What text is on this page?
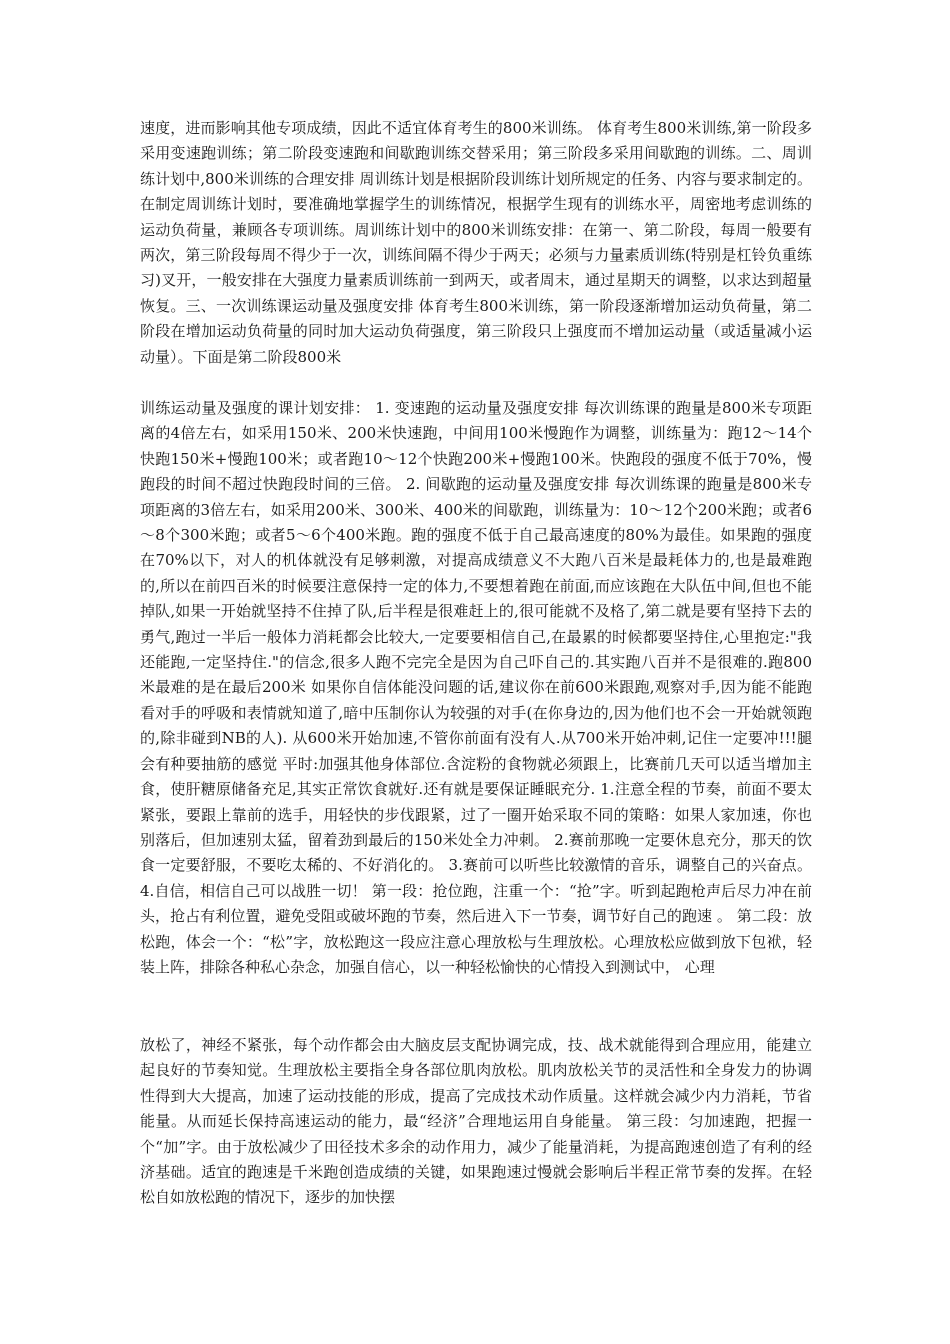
速度，进而影响其他专项成绩，因此不适宜体育考生的800米训练。 体育考生800米训练,第一阶段多采用变速跑训练；第二阶段变速跑和间歇跑训练交替采用；第三阶段多采用间歇跑的训练。二、周训练计划中,800米训练的合理安排 周训练计划是根据阶段训练计划所规定的任务、内容与要求制定的。在制定周训练计划时，要准确地掌握学生的训练情况，根据学生现有的训练水平，周密地考虑训练的运动负荷量，兼顾各专项训练。周训练计划中的800米训练安排：在第一、第二阶段，每周一般要有两次，第三阶段每周不得少于一次，训练间隔不得少于两天；必须与力量素质训练(特别是杠铃负重练习)叉开，一般安排在大强度力量素质训练前一到两天，或者周末，通过星期天的调整，以求达到超量恢复。三、一次训练课运动量及强度安排 体育考生800米训练，第一阶段逐渐增加运动负荷量，第二阶段在增加运动负荷量的同时加大运动负荷强度，第三阶段只上强度而不增加运动量（或适量减小运动量）。下面是第二阶段800米
训练运动量及强度的课计划安排： 1. 变速跑的运动量及强度安排 每次训练课的跑量是800米专项距离的4倍左右，如采用150米、200米快速跑，中间用100米慢跑作为调整，训练量为：跑12～14个快跑150米+慢跑100米；或者跑10～12个快跑200米+慢跑100米。快跑段的强度不低于70%，慢跑段的时间不超过快跑段时间的三倍。 2. 间歇跑的运动量及强度安排 每次训练课的跑量是800米专项距离的3倍左右，如采用200米、300米、400米的间歇跑，训练量为：10～12个200米跑；或者6～8个300米跑；或者5～6个400米跑。跑的强度不低于自己最高速度的80%为最佳。如果跑的强度在70%以下，对人的机体就没有足够刺激，对提高成绩意义不大跑八百米是最耗体力的,也是最难跑的,所以在前四百米的时候要注意保持一定的体力,不要想着跑在前面,而应该跑在大队伍中间,但也不能掉队,如果一开始就坚持不住掉了队,后半程是很难赶上的,很可能就不及格了,第二就是要有坚持下去的勇气,跑过一半后一般体力消耗都会比较大,一定要要相信自己,在最累的时候都要坚持住,心里抱定:"我还能跑,一定坚持住."的信念,很多人跑不完完全是因为自己吓自己的.其实跑八百并不是很难的.跑800米最难的是在最后200米 如果你自信体能没问题的话,建议你在前600米跟跑,观察对手,因为能不能跑看对手的呼吸和表情就知道了,暗中压制你认为较强的对手(在你身边的,因为他们也不会一开始就领跑的,除非碰到NB的人). 从600米开始加速,不管你前面有没有人.从700米开始冲刺,记住一定要冲!!!腿会有种要抽筋的感觉 平时:加强其他身体部位.含淀粉的食物就必须跟上，比赛前几天可以适当增加主食，使肝糖原储备充足,其实正常饮食就好.还有就是要保证睡眠充分. 1.注意全程的节奏，前面不要太紧张，要跟上靠前的选手，用轻快的步伐跟紧，过了一圈开始采取不同的策略：如果人家加速，你也别落后，但加速别太猛，留着劲到最后的150米处全力冲刺。 2.赛前那晚一定要休息充分，那天的饮食一定要舒服，不要吃太稀的、不好消化的。 3.赛前可以听些比较激情的音乐，调整自己的兴奋点。4.自信，相信自己可以战胜一切！ 第一段：抢位跑，注重一个：“抢”字。听到起跑枪声后尽力冲在前头，抢占有利位置，避免受阻或破坏跑的节奏，然后进入下一节奏，调节好自己的跑速 。 第二段：放松跑，体会一个：“松”字，放松跑这一段应注意心理放松与生理放松。心理放松应做到放下包袱，轻装上阵，排除各种私心杂念，加强自信心，以一种轻松愉快的心情投入到测试中， 心理
放松了，神经不紧张，每个动作都会由大脑皮层支配协调完成，技、战术就能得到合理应用，能建立起良好的节奏知觉。生理放松主要指全身各部位肌肉放松。肌肉放松关节的灵活性和全身发力的协调性得到大大提高，加速了运动技能的形成，提高了完成技术动作质量。这样就会减少内力消耗，节省能量。从而延长保持高速运动的能力，最“经济”合理地运用自身能量。 第三段：匀加速跑，把握一个“加”字。由于放松减少了田径技术多余的动作用力，减少了能量消耗，为提高跑速创造了有利的经济基础。适宜的跑速是千米跑创造成绩的关键，如果跑速过慢就会影响后半程正常节奏的发挥。在轻松自如放松跑的情况下，逐步的加快摆
